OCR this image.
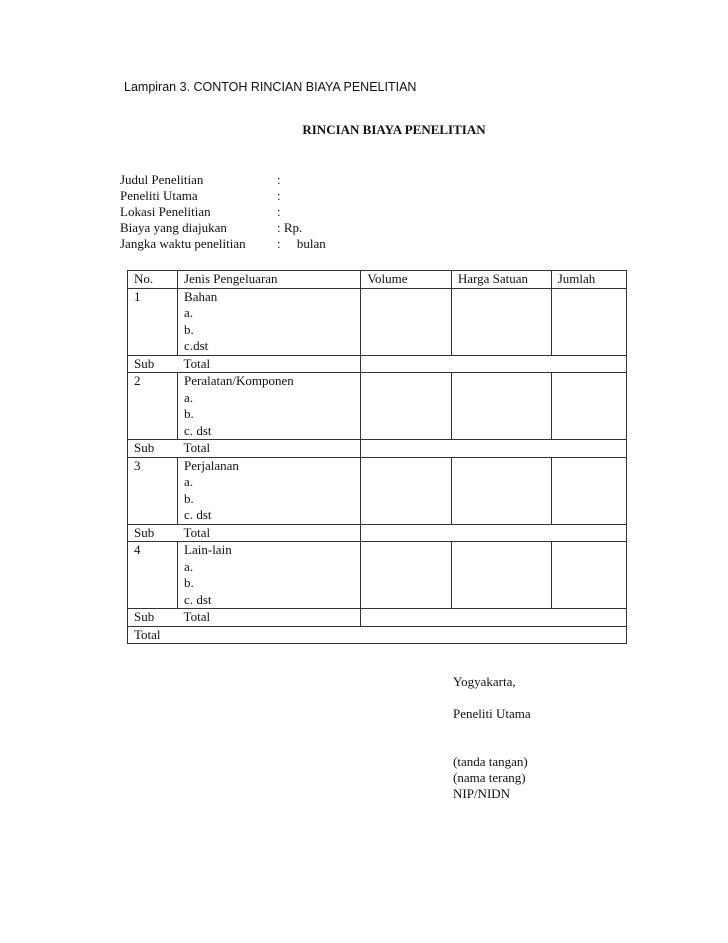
Lampiran 3. CONTOH RINCIAN BIAYA PENELITIAN
RINCIAN BIAYA PENELITIAN
Judul Penelitian	:
Peneliti Utama	:
Lokasi Penelitian	:
Biaya yang diajukan	: Rp.
Jangka waktu penelitian :     bulan
No.	Jenis Pengeluaran	Volume	Harga Satuan	Jumlah
1	Bahan
a.
b.
c.dst			

Sub	Total			
2	Peralatan/Komponen
a.
b.
c. dst			

Sub	Total			
3	Perjalanan
a.
b.
c. dst			

Sub	Total			
4	Lain-lain
a.
b.
c. dst			

Sub	Total			
Total				
Yogyakarta,
Peneliti Utama
(tanda tangan)
(nama terang)
NIP/NIDN
